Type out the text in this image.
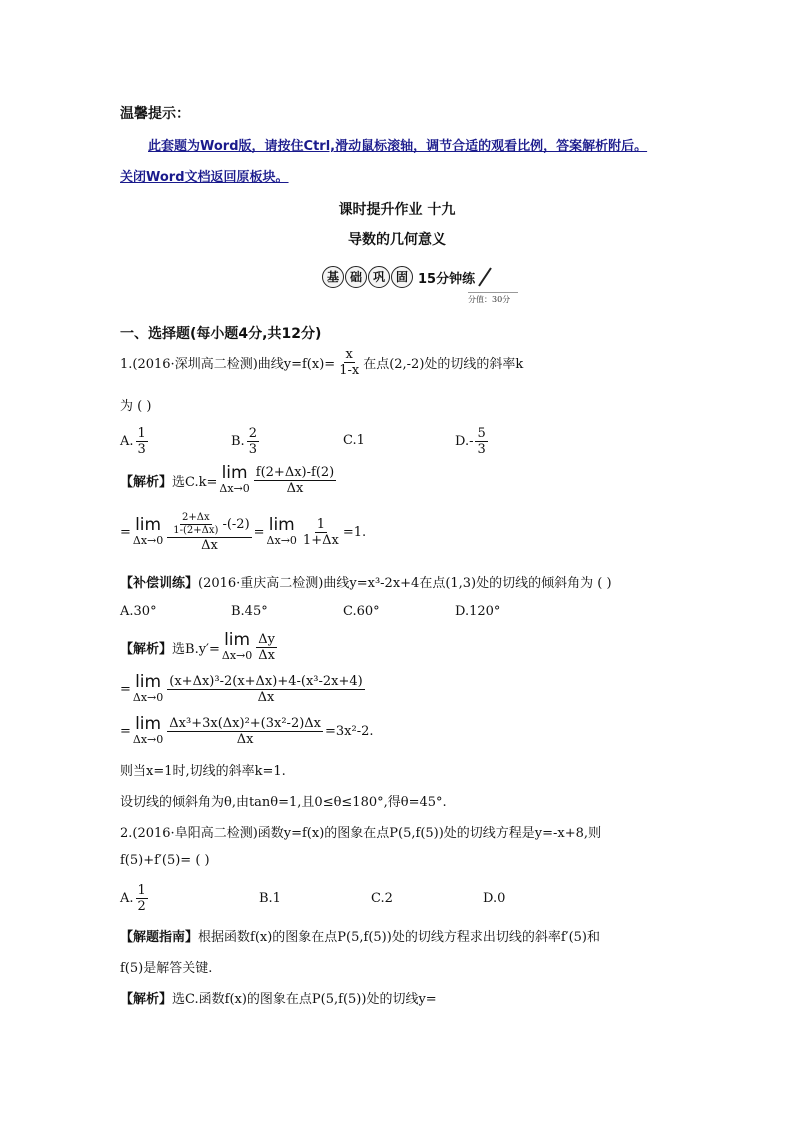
温馨提示：
此套题为Word版，请按住Ctrl,滑动鼠标滚轴，调节合适的观看比例，答案解析附后。
关闭Word文档返回原板块。
课时提升作业 十九
导数的几何意义
基 础 巩 固 15分钟练
分值：30分
一、选择题(每小题4分,共12分)
1.(2016·深圳高二检测)曲线$y=f(x)= \frac{x}{1-x}$ 在点(2,-2)处的切线的斜率k
为 ( )
A. $\frac{1}{3}$	B. $\frac{2}{3}$	C.1	$D.- \frac{5}{3}$
【解析】 选C.k= lim
$\Delta x\to 0 \frac{f(2+\Delta x)-f(2)}{\Delta x}$
= lim
$\Delta x\to 0 \frac{\frac{2+\Delta x}{1-(2+\Delta x)} -(-2)}{\Delta x} = \lim$
$\Delta x\to 0 \frac{1}{1+\Delta x} =1$.
【补偿训练】(2016·重庆高二检测)曲线y=x³-2x+4在点(1,3)处的切线的倾斜角为 ( )
A.30°	B.45°	C.60°	D.120°
【解析】 选B.y′= lim
$\Delta x\to 0 \frac{\Delta y}{\Delta x}$
= lim
$\Delta x\to 0 \frac{\text{(x+Δx)³-2(x+Δx)+4-(x³-2x+4)}}{\Delta x}$
= lim
$\Delta x\to 0 \frac{\text{Δx³+3x(Δx)²+(3x²-2)Δx}}{\Delta x} =3x^2-2$.
则当x=1时,切线的斜率k=1.
设切线的倾斜角为θ,由tanθ=1,且0≤θ≤180°,得θ=45°.
2.(2016·阜阳高二检测)函数y=f(x)的图象在点P(5,f(5))处的切线方程是y=-x+8,则
f(5)+f′(5)= ( )
A. $\frac{1}{2}$	B.1	C.2	D.0
【解题指南】根据函数f(x)的图象在点P(5,f(5))处的切线方程求出切线的斜率f′(5)和
f(5)是解答关键.
【解析】选C.函数f(x)的图象在点P(5,f(5))处的切线y=
